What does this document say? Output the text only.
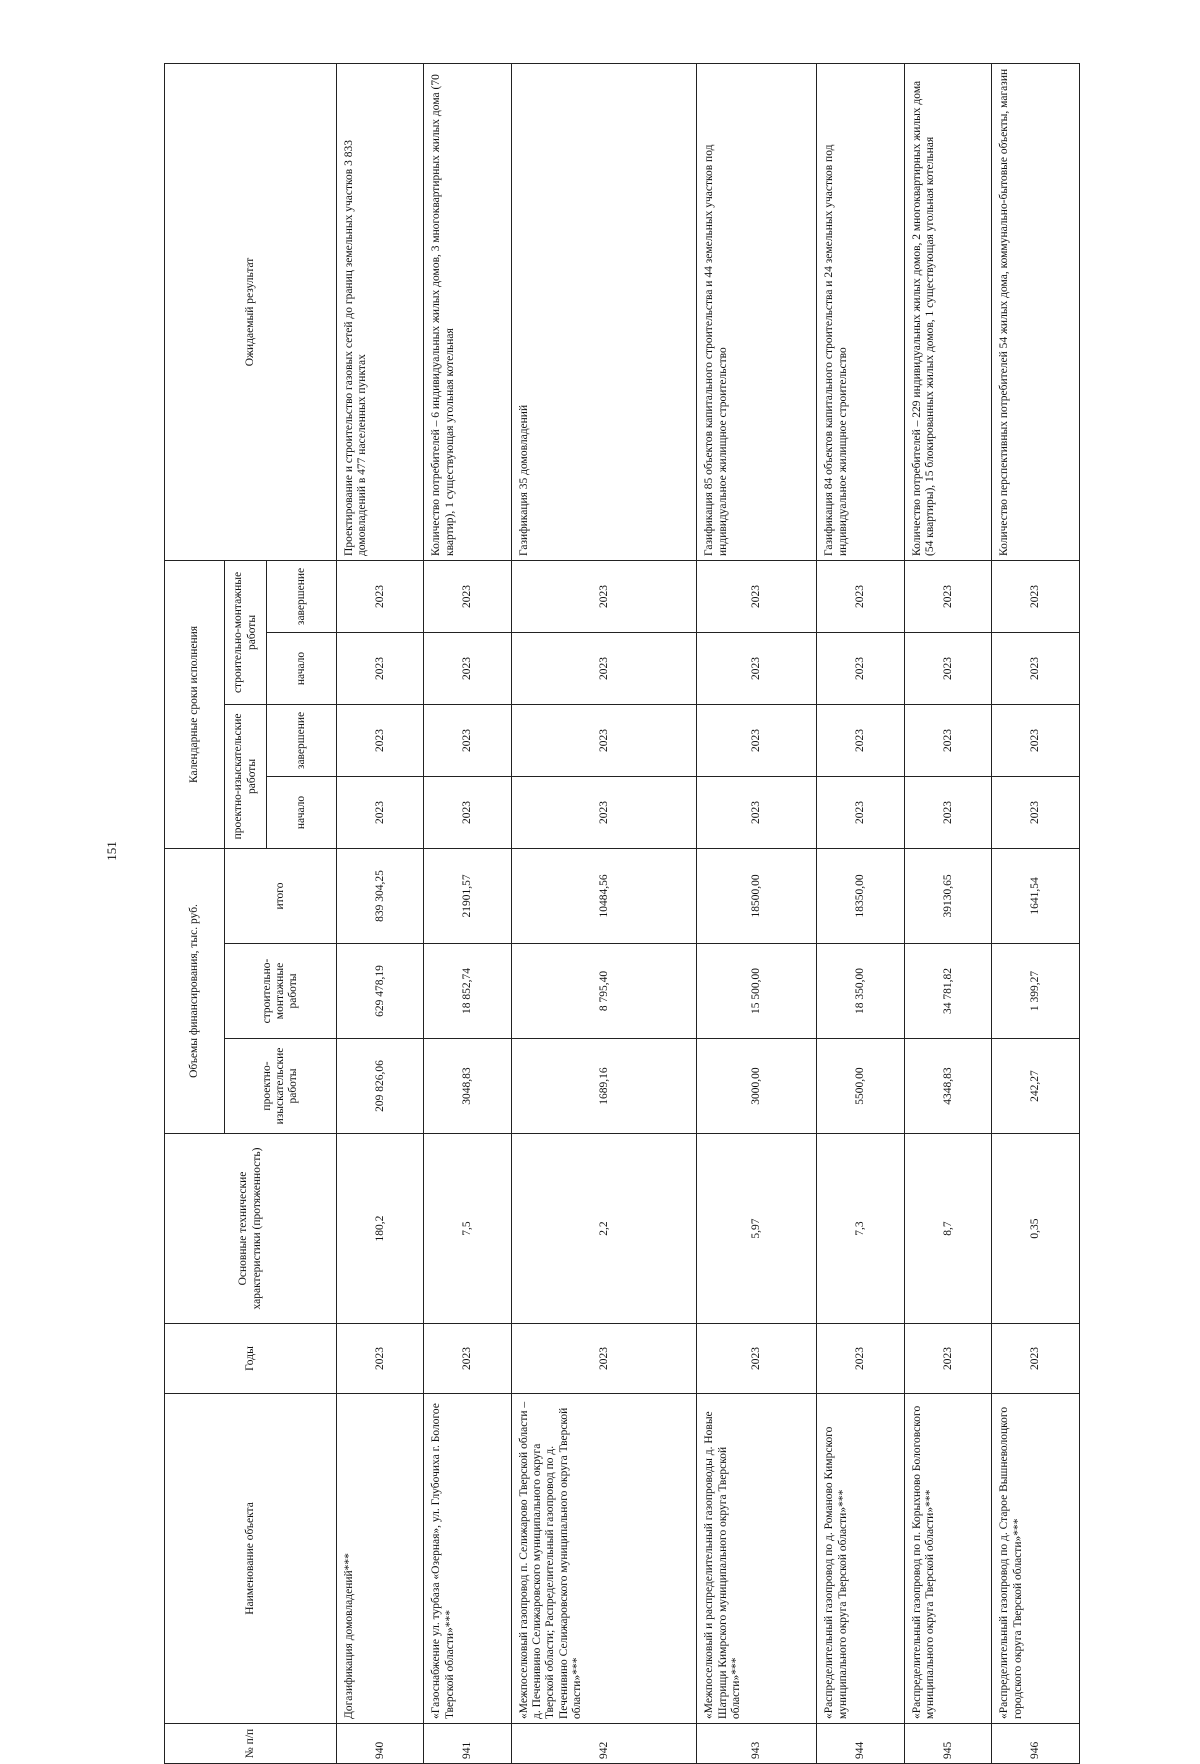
151
№ п/п	Наименование объекта	Годы	Основные технические характеристики (протяженность)	Объемы финансирования, тыс. руб.			Календарные сроки исполнения				Ожидаемый результат
				проектно-изыскательские работы	строительно-монтажные работы	итого	проектно-изыскательские работы		строительно-монтажные работы		
							начало	завершение	начало	завершение	
940	Догазификация домовладений***	2023	180,2	209 826,06	629 478,19	839 304,25	2023	2023	2023	2023	Проектирование и строительство газовых сетей до границ земельных участков 3 833 домовладений в 477 населенных пунктах
941	«Газоснабжение ул. турбаза «Озерная», ул. Глубочиха г. Бологое Тверской области»***	2023	7,5	3048,83	18 852,74	21901,57	2023	2023	2023	2023	Количество потребителей – 6 индивидуальных жилых домов, 3 многоквартирных жилых дома (70 квартир), 1 существующая угольная котельная
942	«Межпоселковый газопровод п. Селижарово Тверской области – д. Печенивино Селижаровского муниципального округа Тверской области; Распределительный газопровод по д. Печенивино Селижаровского муниципального округа Тверской области»***	2023	2,2	1689,16	8 795,40	10484,56	2023	2023	2023	2023	Газификация 35 домовладений
943	«Межпоселковый и распределительный газопроводы д. Новые Шатрищи Кимрского муниципального округа Тверской области»***	2023	5,97	3000,00	15 500,00	18500,00	2023	2023	2023	2023	Газификация 85 объектов капитального строительства и 44 земельных участков под индивидуальное жилищное строительство
944	«Распределительный газопровод по д. Романово Кимрского муниципального округа Тверской области»***	2023	7,3	5500,00	18 350,00	18350,00	2023	2023	2023	2023	Газификация 84 объектов капитального строительства и 24 земельных участков под индивидуальное жилищное строительство
945	«Распределительный газопровод по п. Корыхново Бологовского муниципального округа Тверской области»***	2023	8,7	4348,83	34 781,82	39130,65	2023	2023	2023	2023	Количество потребителей – 229 индивидуальных жилых домов, 2 многоквартирных жилых дома (54 квартиры), 15 блокированных жилых домов, 1 существующая угольная котельная
946	«Распределительный газопровод по д. Старое Вышневолоцкого городского округа Тверской области»***	2023	0,35	242,27	1 399,27	1641,54	2023	2023	2023	2023	Количество перспективных потребителей 54 жилых дома, коммунально-бытовые объекты, магазин
